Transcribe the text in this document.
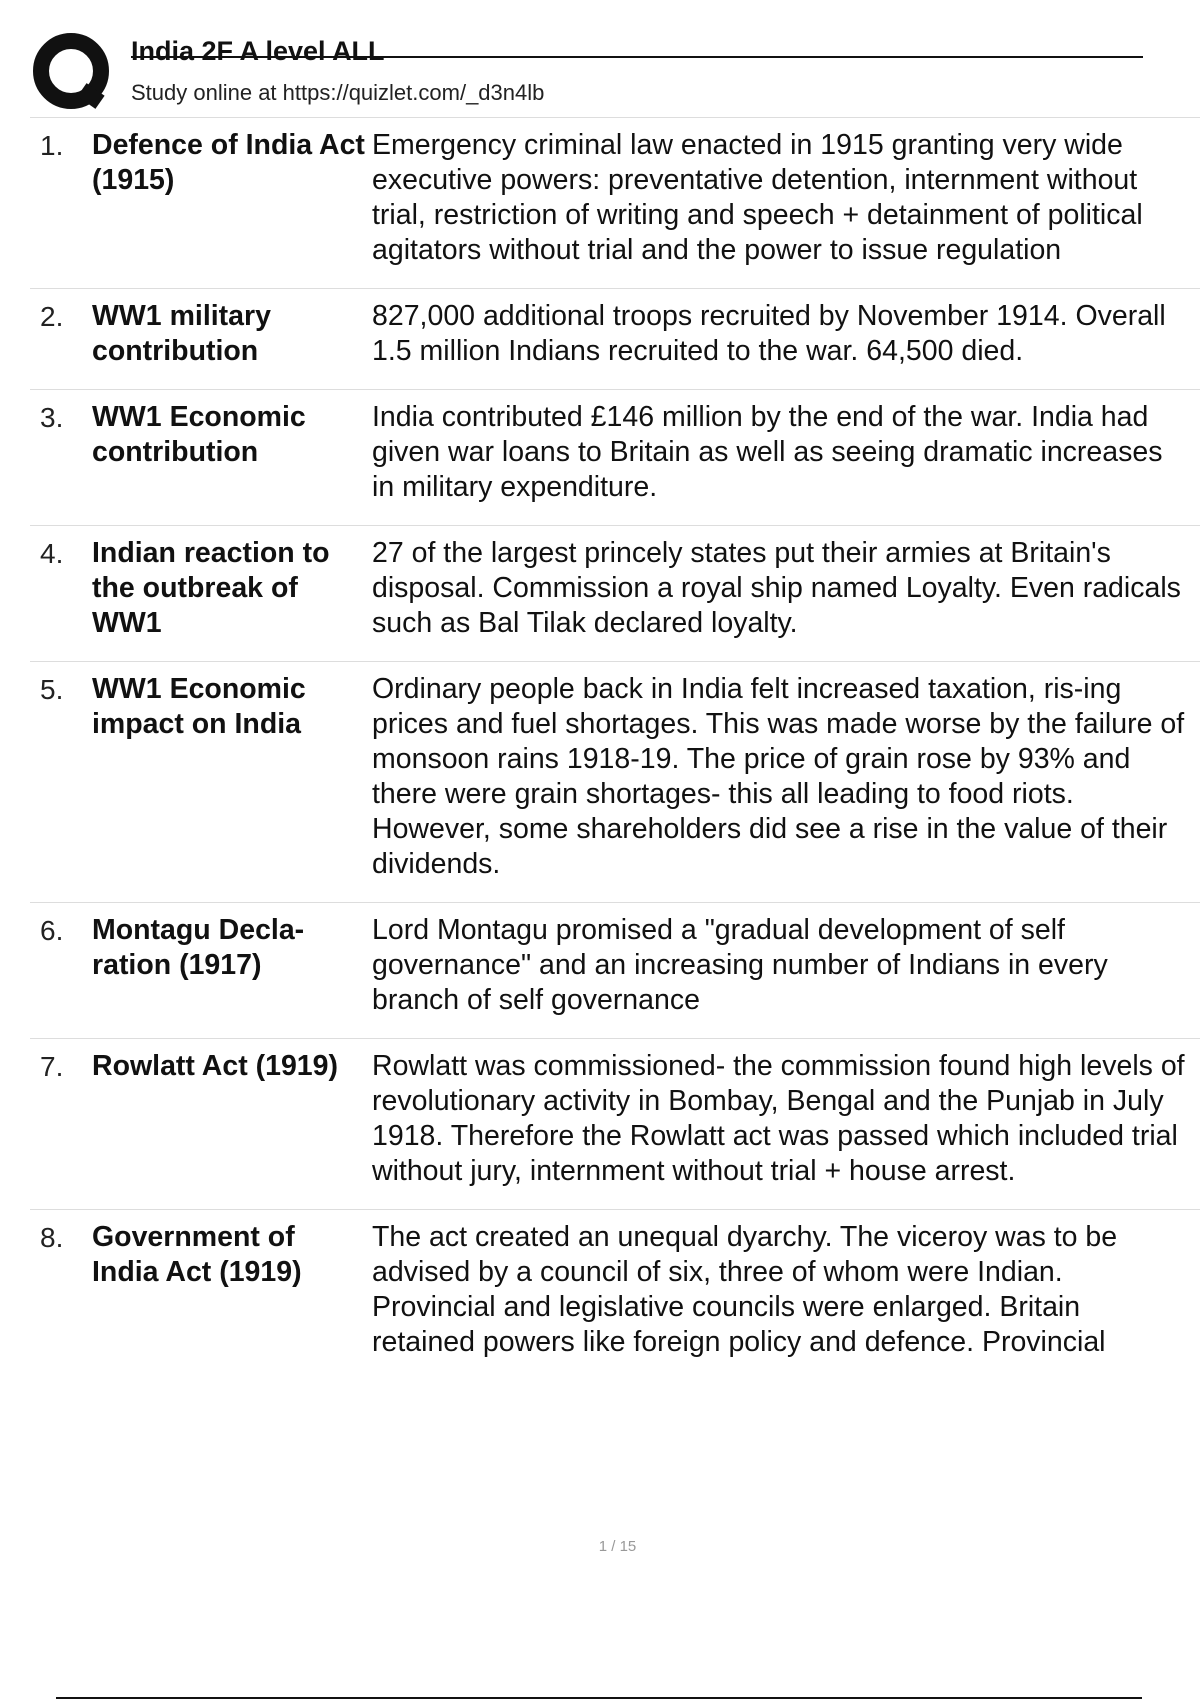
India 2F A level ALL
Study online at https://quizlet.com/_d3n4lb
1.	Defence of India Act (1915)
Emergency criminal law enacted in 1915 granting very wide executive powers: preventative detention, internment without trial, restriction of writing and speech + detainment of political agitators without trial and the power to issue regulation
2.	WW1 military contribution
827,000 additional troops recruited by November 1914. Overall 1.5 million Indians recruited to the war. 64,500 died.
3.	WW1 Economic contribution
India contributed £146 million by the end of the war. India had given war loans to Britain as well as seeing dramatic increases in military expenditure.
4.	Indian reaction to the outbreak of WW1
27 of the largest princely states put their armies at Britain's disposal. Commission a royal ship named Loyalty. Even radicals such as Bal Tilak declared loyalty.
5.	WW1 Economic impact on India
Ordinary people back in India felt increased taxation, ris-ing prices and fuel shortages. This was made worse by the failure of monsoon rains 1918-19. The price of grain rose by 93% and there were grain shortages- this all leading to food riots. However, some shareholders did see a rise in the value of their dividends.
6.	Montagu Decla-ration (1917)
Lord Montagu promised a "gradual development of self governance" and an increasing number of Indians in every branch of self governance
7.	Rowlatt Act (1919)	Rowlatt was commissioned- the commission found high levels of revolutionary activity in Bombay, Bengal and the Punjab in July 1918. Therefore the Rowlatt act was passed which included trial without jury, internment without trial + house arrest.
8.	Government of India Act (1919)
The act created an unequal dyarchy. The viceroy was to be advised by a council of six, three of whom were Indian. Provincial and legislative councils were enlarged. Britain retained powers like foreign policy and defence. Provincial
1 / 15
